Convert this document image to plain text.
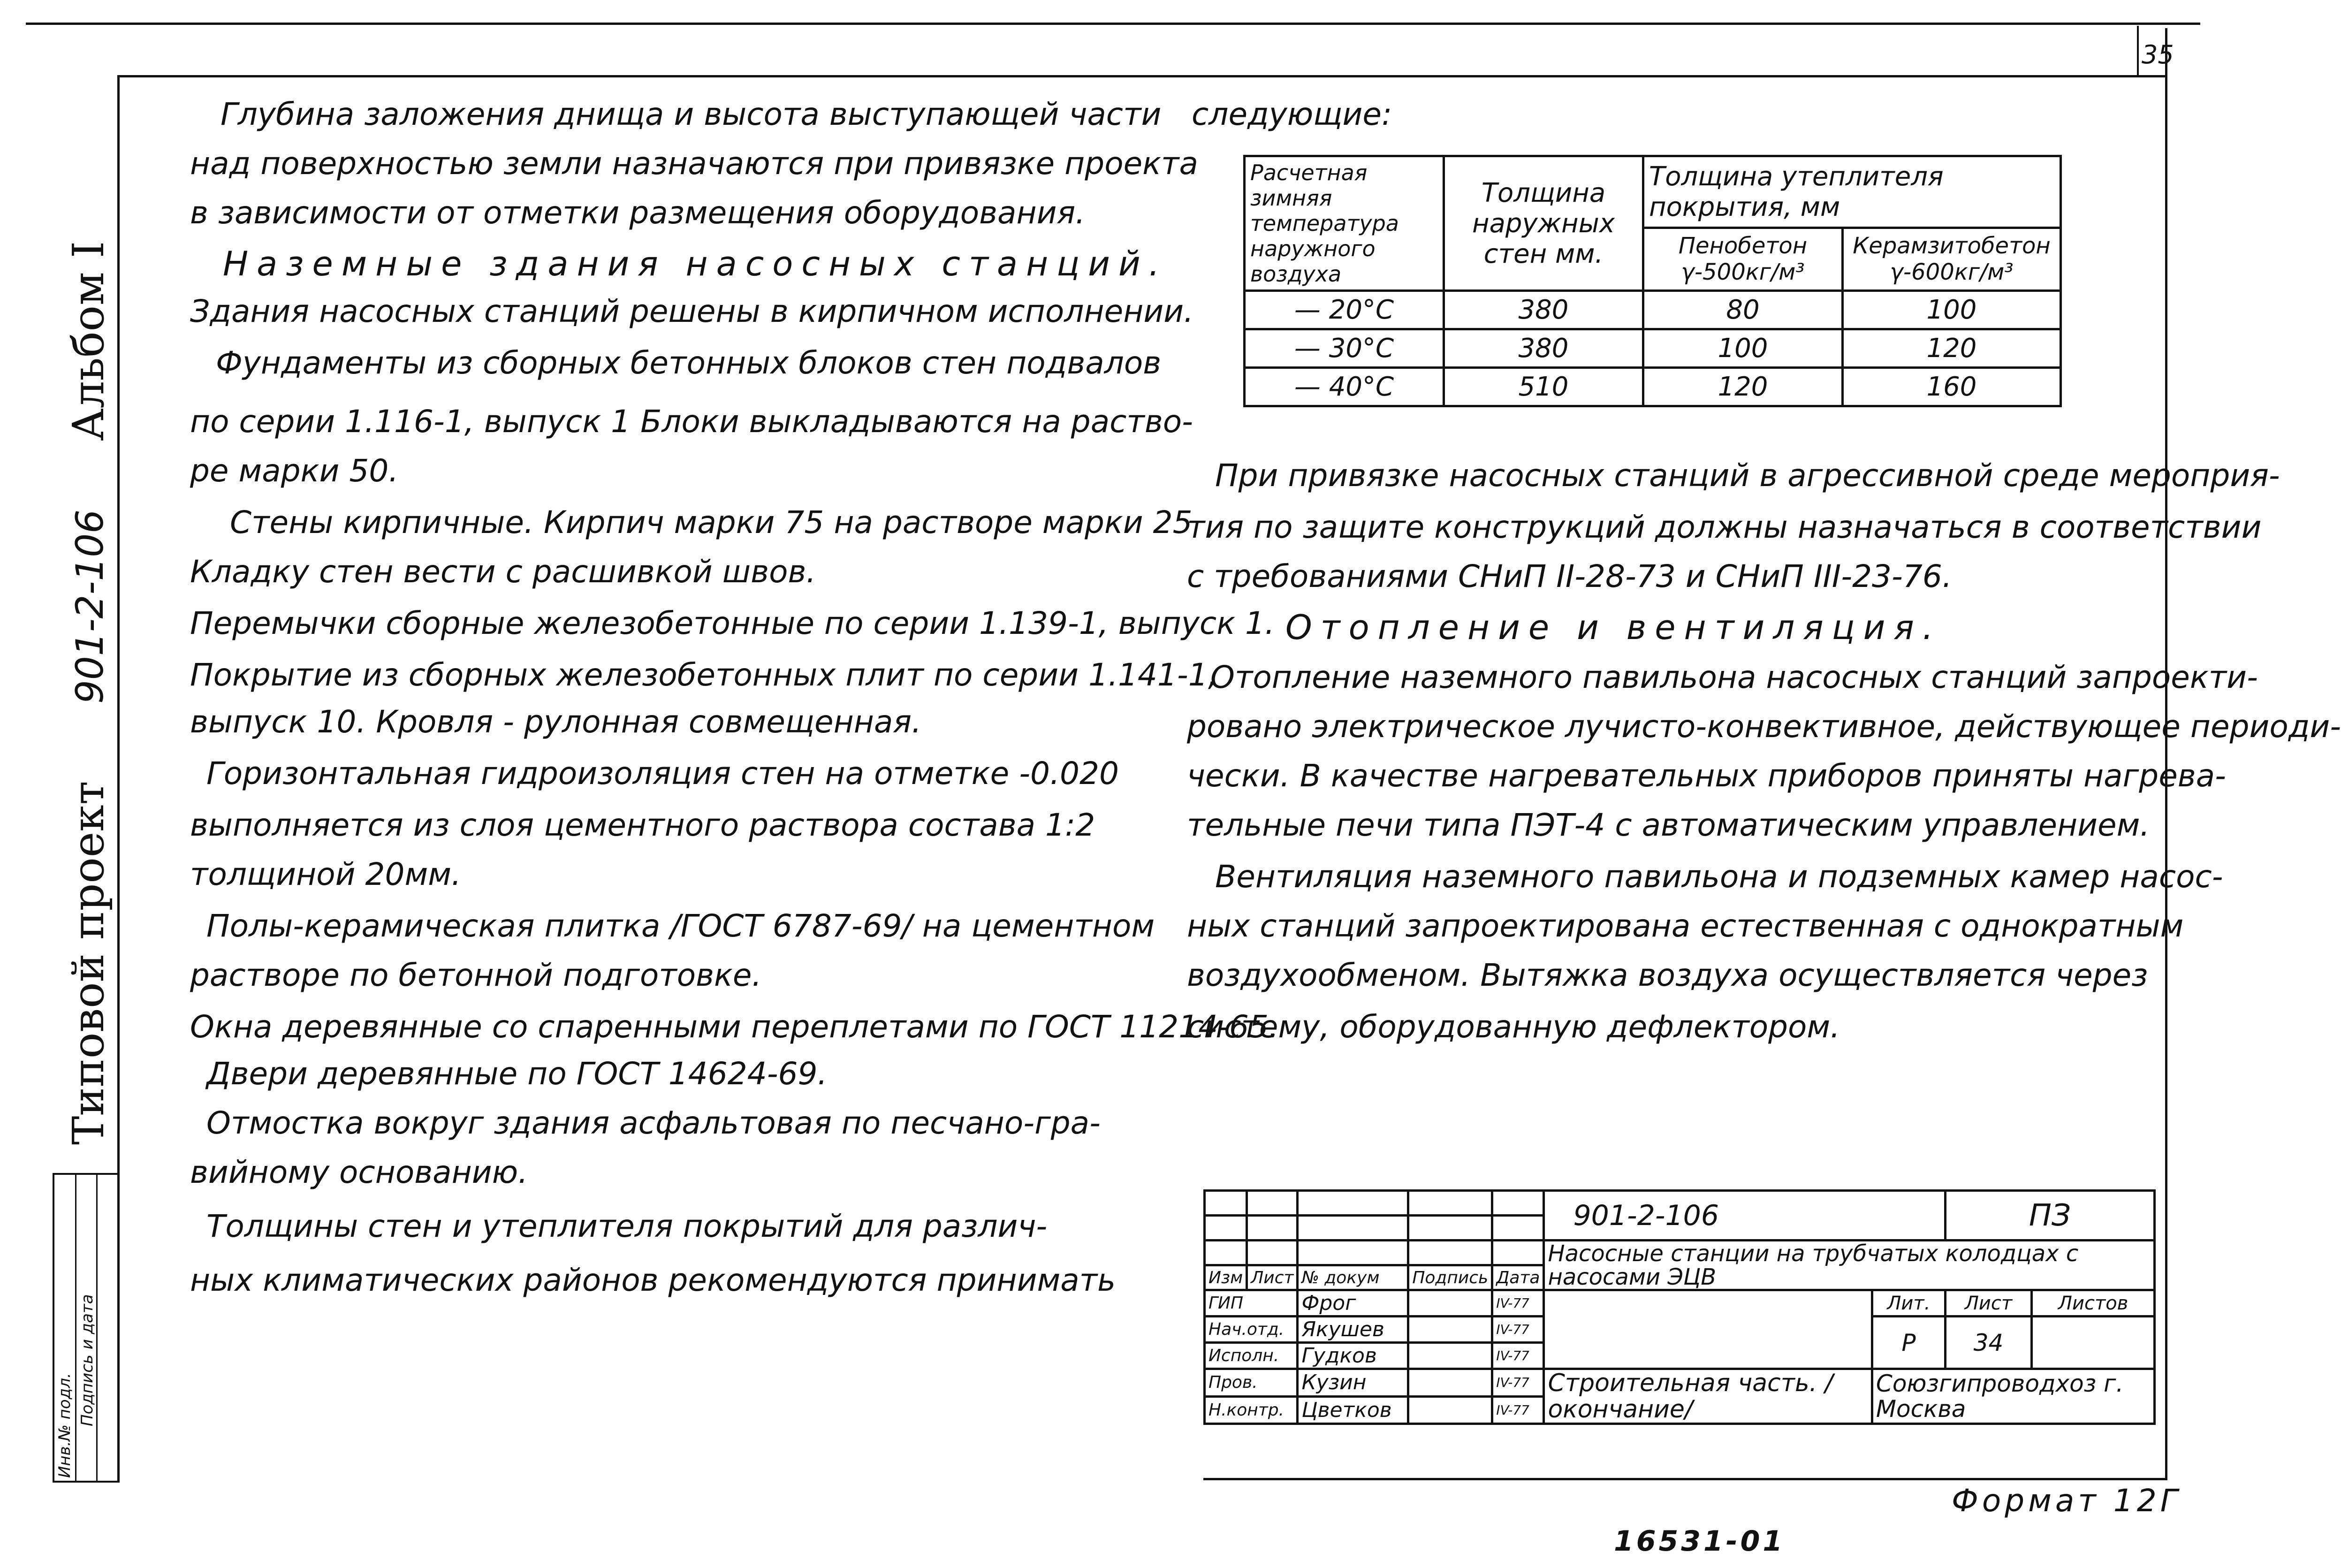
35
Альбом I
Типовой проект
901-2-106
Инв.№ подл. Подпись и дата
Глубина заложения днища и высота выступающей части
над поверхностью земли назначаются при привязке проекта
в зависимости от отметки размещения оборудования.
Наземные здания насосных станций.
Здания насосных станций решены в кирпичном исполнении.
Фундаменты из сборных бетонных блоков стен подвалов
по серии 1.116-1, выпуск 1 Блоки выкладываются на раство-
ре марки 50.
Стены кирпичные. Кирпич марки 75 на растворе марки 25
Кладку стен вести с расшивкой швов.
Перемычки сборные железобетонные по серии 1.139-1, выпуск 1.
Покрытие из сборных железобетонных плит по серии 1.141-1,
выпуск 10. Кровля - рулонная совмещенная.
Горизонтальная гидроизоляция стен на отметке -0.020
выполняется из слоя цементного раствора состава 1:2
толщиной 20мм.
Полы-керамическая плитка /ГОСТ 6787-69/ на цементном
растворе по бетонной подготовке.
Окна деревянные со спаренными переплетами по ГОСТ 11214-65.
Двери деревянные по ГОСТ 14624-69.
Отмостка вокруг здания асфальтовая по песчано-гра-
вийному основанию.
Толщины стен и утеплителя покрытий для различ-
ных климатических районов рекомендуются принимать
следующие:
Расчетная зимняя температура наружного воздуха	Толщина наружных стен мм.	Толщина утеплителя покрытия, мм	
		Пенобетон γ-500кг/м³	Керамзитобетон γ-600кг/м³
— 20°С	380	80	100
— 30°С	380	100	120
— 40°С	510	120	160
При привязке насосных станций в агрессивной среде мероприя-
тия по защите конструкций должны назначаться в соответствии
с требованиями СНиП II-28-73 и СНиП III-23-76.
Отопление и вентиляция.
Отопление наземного павильона насосных станций запроекти-
ровано электрическое лучисто-конвективное, действующее периоди-
чески. В качестве нагревательных приборов приняты нагрева-
тельные печи типа ПЭТ-4 с автоматическим управлением.
Вентиляция наземного павильона и подземных камер насос-
ных станций запроектирована естественная с однократным
воздухообменом. Вытяжка воздуха осуществляется через
систему, оборудованную дефлектором.
					901-2-106		ПЗ	

					Насосные станции на трубчатых колодцах с насосами ЭЦВ			
Изм	Лист	№ докум	Подпись	Дата				
ГИП		Фрог		IV-77		Лит.	Лист	Листов
Нач.отд.		Якушев		IV-77		Р	34	
Исполн.		Гудков		IV-77				
Пров.		Кузин		IV-77	Строительная часть. /окончание/	Союзгипроводхоз г. Москва		
Н.контр.		Цветков		IV-77				
Формат 12Г
16531-01
